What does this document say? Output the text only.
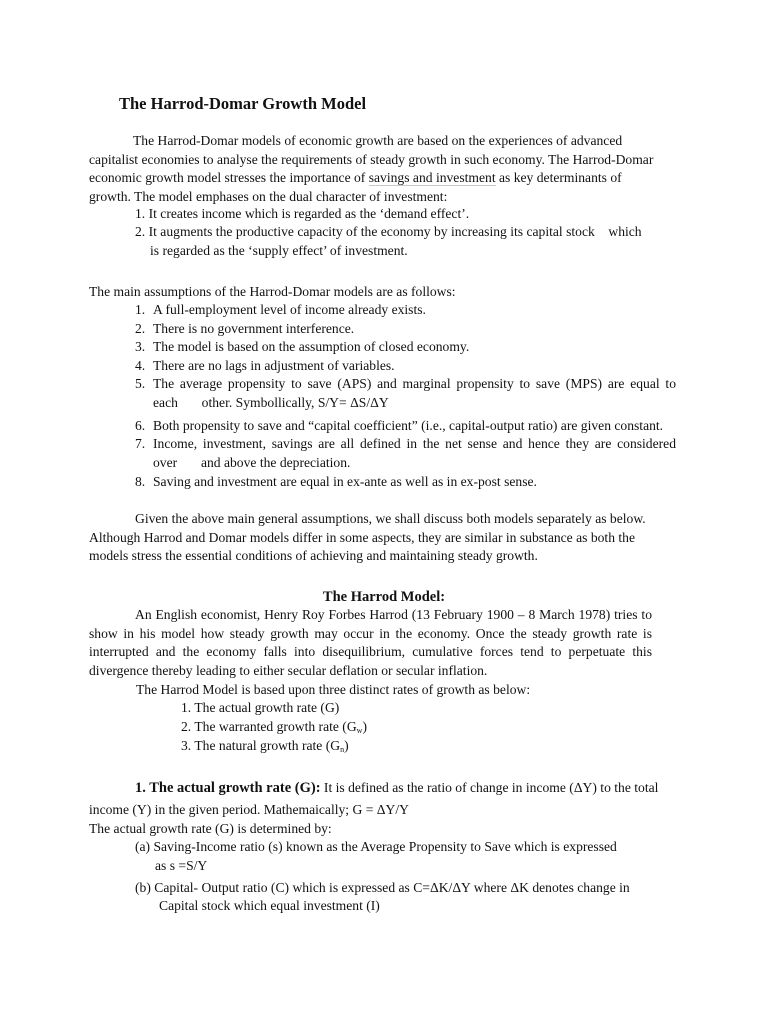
The Harrod-Domar Growth Model
The Harrod-Domar models of economic growth are based on the experiences of advanced
capitalist economies to analyse the requirements of steady growth in such economy. The Harrod-Domar
economic growth model stresses the importance of savings and investment as key determinants of
growth. The model emphases on the dual character of investment:
1. It creates income which is regarded as the ‘demand effect’.
2. It augments the productive capacity of the economy by increasing its capital stock    which
is regarded as the ‘supply effect’ of investment.
The main assumptions of the Harrod-Domar models are as follows:
1. A full-employment level of income already exists.
2. There is no government interference.
3. The model is based on the assumption of closed economy.
4. There are no lags in adjustment of variables.
5. The average propensity to save (APS) and marginal propensity to save (MPS) are equal to
each       other. Symbollically, S/Y= ΔS/ΔY
6. Both propensity to save and “capital coefficient” (i.e., capital-output ratio) are given constant.
7. Income, investment, savings are all defined in the net sense and hence they are considered
over       and above the depreciation.
8. Saving and investment are equal in ex-ante as well as in ex-post sense.
Given the above main general assumptions, we shall discuss both models separately as below.
Although Harrod and Domar models differ in some aspects, they are similar in substance as both the
models stress the essential conditions of achieving and maintaining steady growth.
The Harrod Model:
An English economist, Henry Roy Forbes Harrod (13 February 1900 – 8 March 1978) tries to
show in his model how steady growth may occur in the economy. Once the steady growth rate is
interrupted and the economy falls into disequilibrium, cumulative forces tend to perpetuate this
divergence thereby leading to either secular deflation or secular inflation.
The Harrod Model is based upon three distinct rates of growth as below:
1. The actual growth rate (G)
2. The warranted growth rate $(G_w)$
3. The natural growth rate $(G_n)$
1. The actual growth rate (G): It is defined as the ratio of change in income (ΔY) to the total
income (Y) in the given period. Mathemaically; G = ΔY/Y
The actual growth rate (G) is determined by:
(a) Saving-Income ratio (s) known as the Average Propensity to Save which is expressed
as s =S/Y
(b) Capital- Output ratio (C) which is expressed as C=ΔK/ΔY where ΔK denotes change in
Capital stock which equal investment (I)
